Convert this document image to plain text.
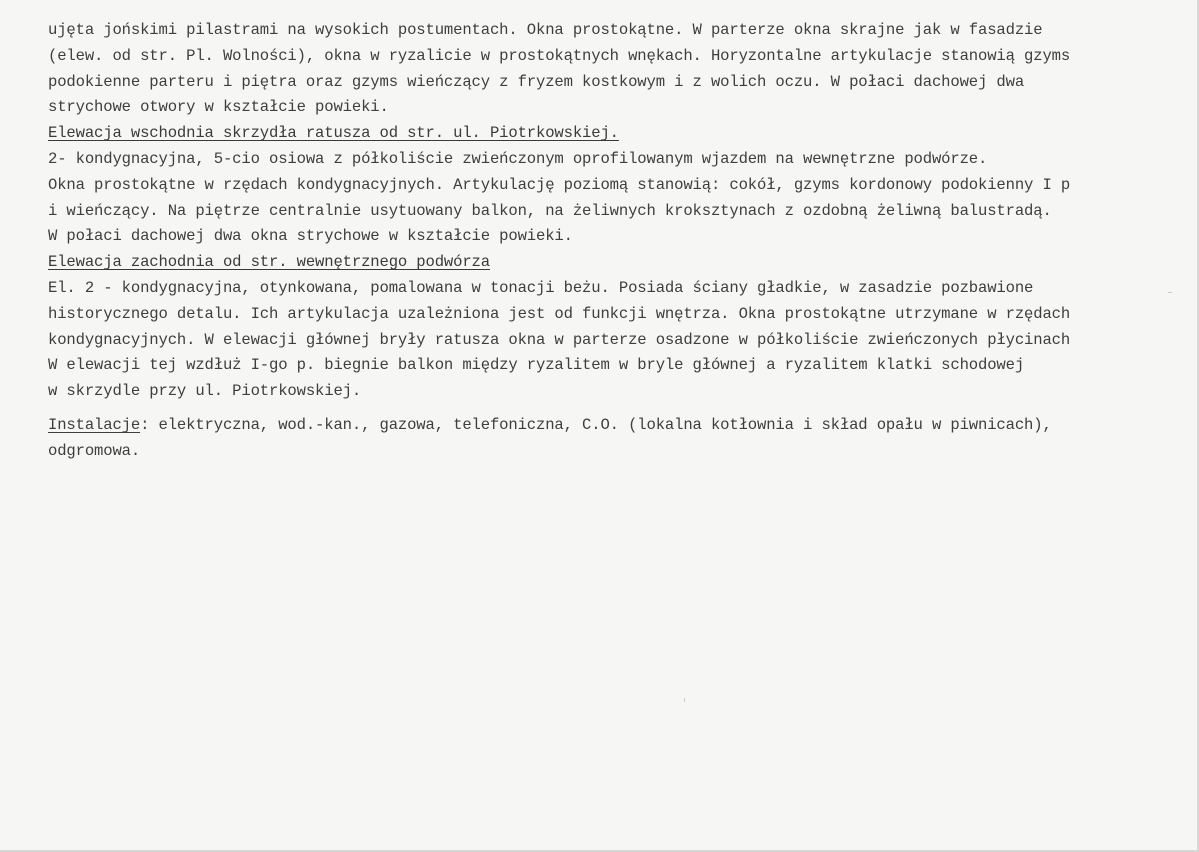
ujęta jońskimi pilastrami na wysokich postumentach. Okna prostokątne. W parterze okna skrajne jak w fasadzie
(elew. od str. Pl. Wolności), okna w ryzalicie w prostokątnych wnękach. Horyzontalne artykulacje stanowią gzyms
podokienne parteru i piętra oraz gzyms wieńczący z fryzem kostkowym i z wolich oczu. W połaci dachowej dwa
strychowe otwory w kształcie powieki.
Elewacja wschodnia skrzydła ratusza od str. ul. Piotrkowskiej.
2- kondygnacyjna, 5-cio osiowa z półkoliście zwieńczonym oprofilowanym wjazdem na wewnętrzne podwórze.
Okna prostokątne w rzędach kondygnacyjnych. Artykulację poziomą stanowią: cokół, gzyms kordonowy podokienny I p
i wieńczący. Na piętrze centralnie usytuowany balkon, na żeliwnych kroksztynach z ozdobną żeliwną balustradą.
W połaci dachowej dwa okna strychowe w kształcie powieki.
Elewacja zachodnia od str. wewnętrznego podwórza
El. 2 - kondygnacyjna, otynkowana, pomalowana w tonacji beżu. Posiada ściany gładkie, w zasadzie pozbawione
historycznego detalu. Ich artykulacja uzależniona jest od funkcji wnętrza. Okna prostokątne utrzymane w rzędach
kondygnacyjnych. W elewacji głównej bryły ratusza okna w parterze osadzone w półkoliście zwieńczonych płycinach
W elewacji tej wzdłuż I-go p. biegnie balkon między ryzalitem w bryle głównej a ryzalitem klatki schodowej
w skrzydle przy ul. Piotrkowskiej.
Instalacje: elektryczna, wod.-kan., gazowa, telefoniczna, C.O. (lokalna kotłownia i skład opału w piwnicach),
odgromowa.
